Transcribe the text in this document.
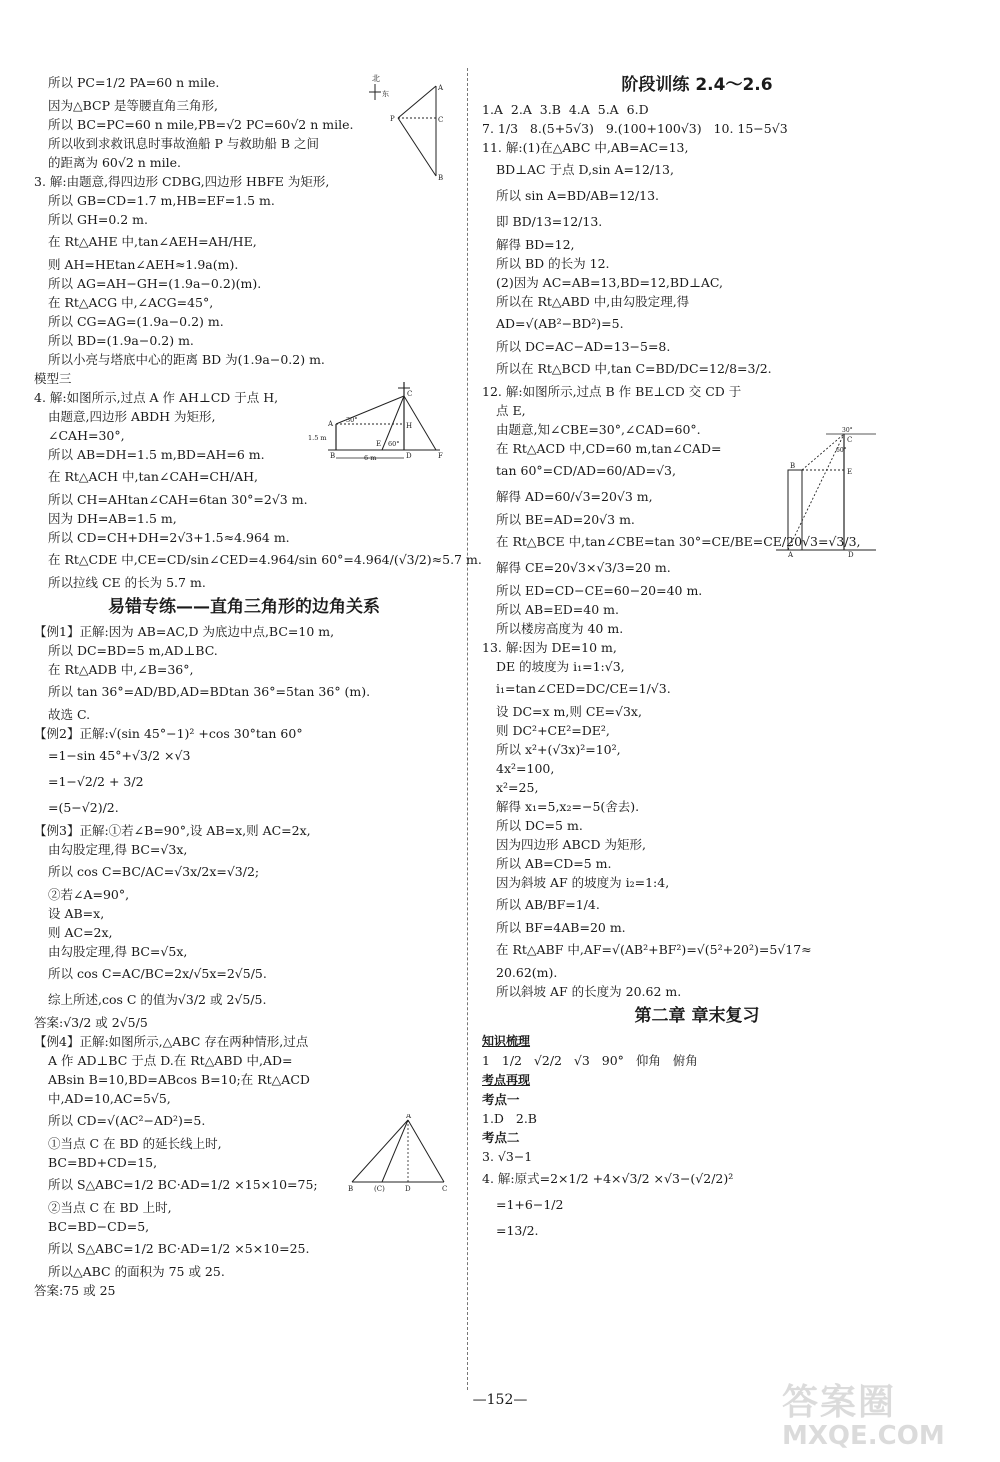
所以 PC=1/2 PA=60 n mile.
因为△BCP 是等腰直角三角形,
所以 BC=PC=60 n mile,PB=√2 PC=60√2 n mile.
所以收到求救讯息时事故渔船 P 与救助船 B 之间
的距离为 60√2 n mile.
3. 解:由题意,得四边形 CDBG,四边形 HBFE 为矩形,
所以 GB=CD=1.7 m,HB=EF=1.5 m.
所以 GH=0.2 m.
在 Rt△AHE 中,tan∠AEH=AH/HE,
则 AH=HEtan∠AEH≈1.9a(m).
所以 AG=AH−GH=(1.9a−0.2)(m).
在 Rt△ACG 中,∠ACG=45°,
所以 CG=AG=(1.9a−0.2) m.
所以 BD=(1.9a−0.2) m.
所以小亮与塔底中心的距离 BD 为(1.9a−0.2) m.
模型三
4. 解:如图所示,过点 A 作 AH⊥CD 于点 H,
由题意,四边形 ABDH 为矩形,
∠CAH=30°,
所以 AB=DH=1.5 m,BD=AH=6 m.
在 Rt△ACH 中,tan∠CAH=CH/AH,
所以 CH=AHtan∠CAH=6tan 30°=2√3 m.
因为 DH=AB=1.5 m,
所以 CD=CH+DH=2√3+1.5≈4.964 m.
在 Rt△CDE 中,CE=CD/sin∠CED=4.964/sin 60°=4.964/(√3/2)≈5.7 m.
所以拉线 CE 的长为 5.7 m.
易错专练——直角三角形的边角关系
【例1】正解:因为 AB=AC,D 为底边中点,BC=10 m,
所以 DC=BD=5 m,AD⊥BC.
在 Rt△ADB 中,∠B=36°,
所以 tan 36°=AD/BD,AD=BDtan 36°=5tan 36° (m).
故选 C.
【例2】正解:√(sin 45°−1)² +cos 30°tan 60°
=1−sin 45°+√3/2 ×√3
=1−√2/2 + 3/2
=(5−√2)/2.
【例3】正解:①若∠B=90°,设 AB=x,则 AC=2x,
由勾股定理,得 BC=√3x,
所以 cos C=BC/AC=√3x/2x=√3/2;
②若∠A=90°,
设 AB=x,
则 AC=2x,
由勾股定理,得 BC=√5x,
所以 cos C=AC/BC=2x/√5x=2√5/5.
综上所述,cos C 的值为√3/2 或 2√5/5.
答案:√3/2 或 2√5/5
【例4】正解:如图所示,△ABC 存在两种情形,过点
A 作 AD⊥BC 于点 D.在 Rt△ABD 中,AD=
ABsin B=10,BD=ABcos B=10;在 Rt△ACD
中,AD=10,AC=5√5,
所以 CD=√(AC²−AD²)=5.
①当点 C 在 BD 的延长线上时,
BC=BD+CD=15,
所以 S△ABC=1/2 BC·AD=1/2 ×15×10=75;
②当点 C 在 BD 上时,
BC=BD−CD=5,
所以 S△ABC=1/2 BC·AD=1/2 ×5×10=25.
所以△ABC 的面积为 75 或 25.
答案:75 或 25
阶段训练 2.4～2.6
1.A  2.A  3.B  4.A  5.A  6.D
7. 1/3   8.(5+5√3)   9.(100+100√3)   10. 15−5√3
11. 解:(1)在△ABC 中,AB=AC=13,
BD⊥AC 于点 D,sin A=12/13,
所以 sin A=BD/AB=12/13.
即 BD/13=12/13.
解得 BD=12,
所以 BD 的长为 12.
(2)因为 AC=AB=13,BD=12,BD⊥AC,
所以在 Rt△ABD 中,由勾股定理,得
AD=√(AB²−BD²)=5.
所以 DC=AC−AD=13−5=8.
所以在 Rt△BCD 中,tan C=BD/DC=12/8=3/2.
12. 解:如图所示,过点 B 作 BE⊥CD 交 CD 于
点 E,
由题意,知∠CBE=30°,∠CAD=60°.
在 Rt△ACD 中,CD=60 m,tan∠CAD=
tan 60°=CD/AD=60/AD=√3,
解得 AD=60/√3=20√3 m,
所以 BE=AD=20√3 m.
在 Rt△BCE 中,tan∠CBE=tan 30°=CE/BE=CE/20√3=√3/3,
解得 CE=20√3×√3/3=20 m.
所以 ED=CD−CE=60−20=40 m.
所以 AB=ED=40 m.
所以楼房高度为 40 m.
13. 解:因为 DE=10 m,
DE 的坡度为 i₁=1:√3,
i₁=tan∠CED=DC/CE=1/√3.
设 DC=x m,则 CE=√3x,
则 DC²+CE²=DE²,
所以 x²+(√3x)²=10²,
4x²=100,
x²=25,
解得 x₁=5,x₂=−5(舍去).
所以 DC=5 m.
因为四边形 ABCD 为矩形,
所以 AB=CD=5 m.
因为斜坡 AF 的坡度为 i₂=1:4,
所以 AB/BF=1/4.
所以 BF=4AB=20 m.
在 Rt△ABF 中,AF=√(AB²+BF²)=√(5²+20²)=5√17≈
20.62(m).
所以斜坡 AF 的长度为 20.62 m.
第二章 章末复习
知识梳理
1   1/2   √2/2   √3   90°   仰角   俯角
考点再现
考点一
1.D   2.B
考点二
3. √3−1
4. 解:原式=2×1/2 +4×√3/2 ×√3−(√2/2)²
=1+6−1/2
=13/2.
北
东
P
A
B
C
A
B
C
D
E
F
H
1.5 m
6 m
30°
60°
A
B
C
D
E
30°
60°
A
B	(C)	D	C
—152—	答案圈
MXQE.COM
